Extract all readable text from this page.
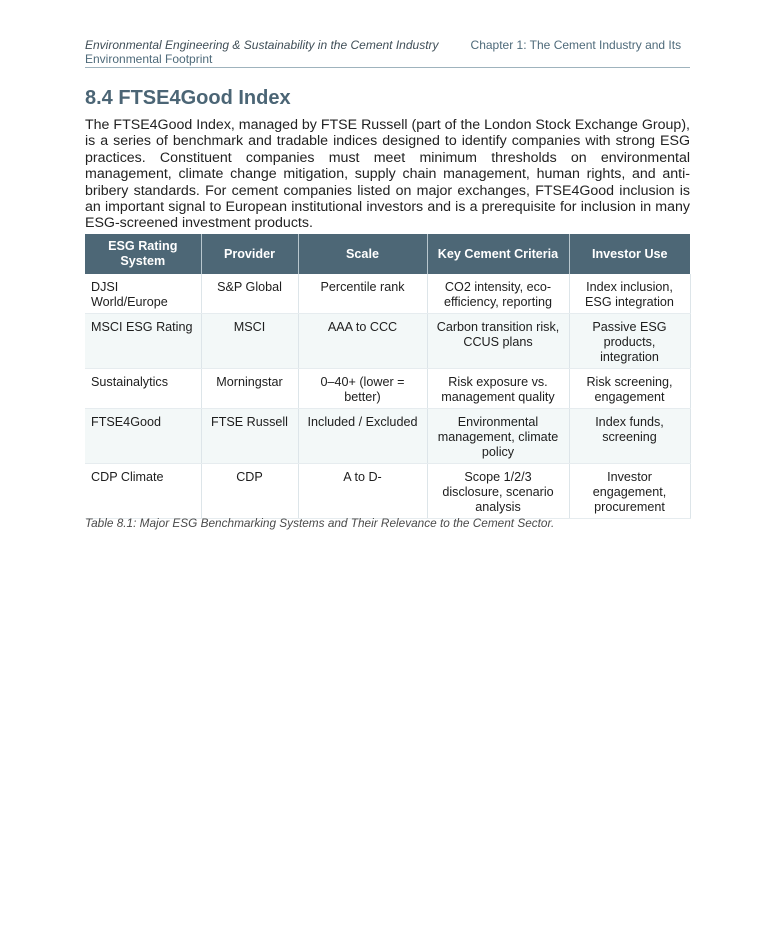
Environmental Engineering & Sustainability in the Cement Industry	Chapter 1: The Cement Industry and Its Environmental Footprint
8.4 FTSE4Good Index

The FTSE4Good Index, managed by FTSE Russell (part of the London Stock Exchange Group), is a series of benchmark and tradable indices designed to identify companies with strong ESG practices. Constituent companies must meet minimum thresholds on environmental management, climate change mitigation, supply chain management, human rights, and anti-bribery standards. For cement companies listed on major exchanges, FTSE4Good inclusion is an important signal to European institutional investors and is a prerequisite for inclusion in many ESG-screened investment products.

ESG Rating System	Provider	Scale	Key Cement Criteria	Investor Use
DJSI World/Europe	S&P Global	Percentile rank	CO2 intensity, eco-efficiency, reporting	Index inclusion, ESG integration
MSCI ESG Rating	MSCI	AAA to CCC	Carbon transition risk, CCUS plans	Passive ESG products, integration
Sustainalytics	Morningstar	0–40+ (lower = better)	Risk exposure vs. management quality	Risk screening, engagement
FTSE4Good	FTSE Russell	Included / Excluded	Environmental management, climate policy	Index funds, screening
CDP Climate	CDP	A to D-	Scope 1/2/3 disclosure, scenario analysis	Investor engagement, procurement

Table 8.1: Major ESG Benchmarking Systems and Their Relevance to the Cement Sector.
